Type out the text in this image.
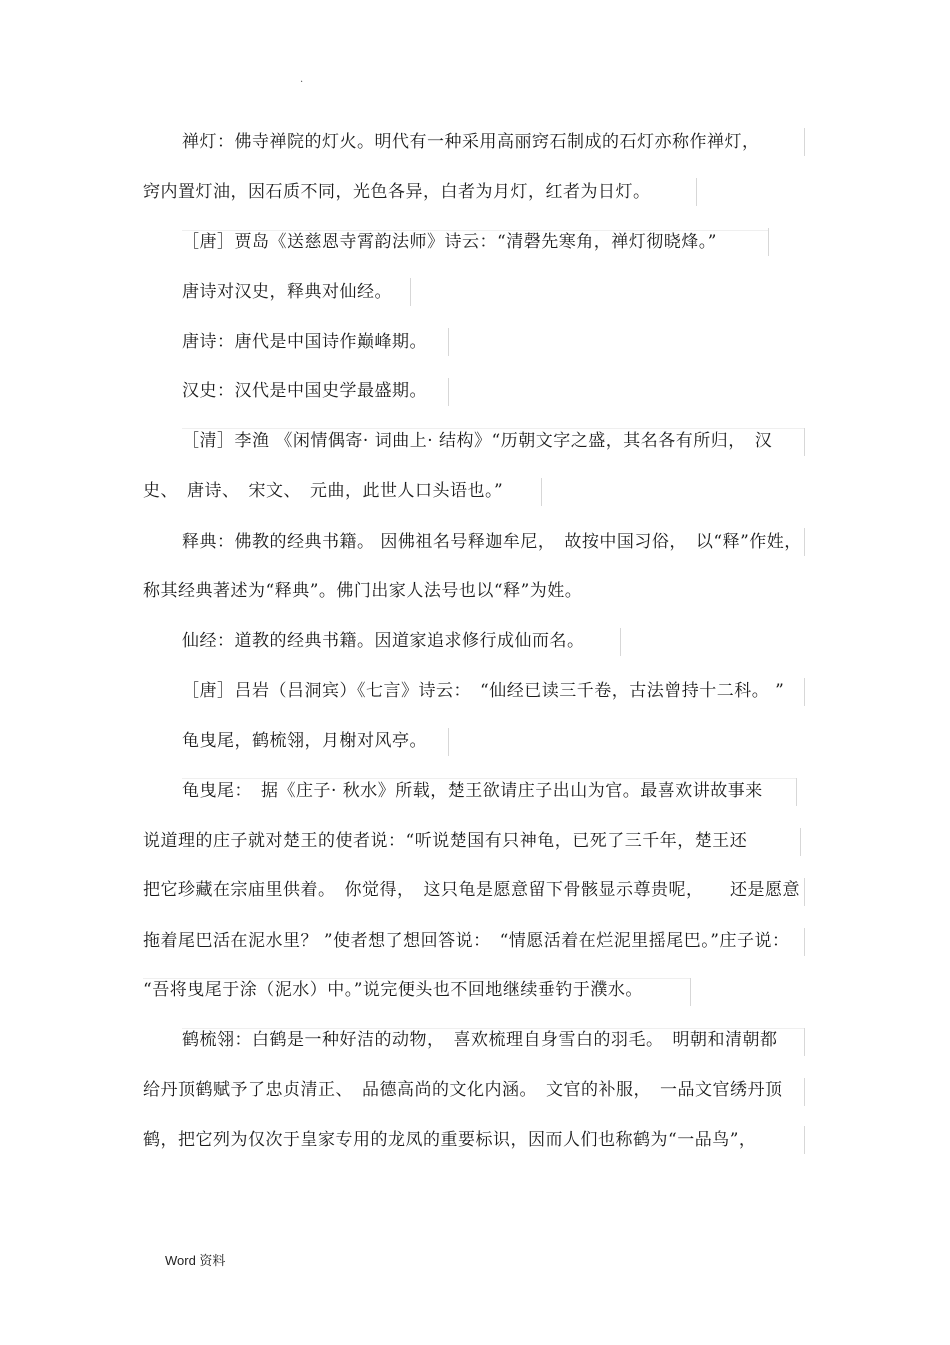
.
禅灯：佛寺禅院的灯火。明代有一种采用高丽窍石制成的石灯亦称作禅灯，
窍内置灯油，因石质不同，光色各异，白者为月灯，红者为日灯。
［唐］贾岛《送慈恩寺霄韵法师》诗云：“清磬先寒角，禅灯彻晓烽。”
唐诗对汉史，释典对仙经。
唐诗：唐代是中国诗作巅峰期。
汉史：汉代是中国史学最盛期。
［清］李渔 《闲情偶寄· 词曲上· 结构》“历朝文字之盛，其名各有所归，　汉
史、　唐诗、　宋文、　元曲，此世人口头语也。”
释典：佛教的经典书籍。 因佛祖名号释迦牟尼，　故按中国习俗，　以“释”作姓，
称其经典著述为“释典”。佛门出家人法号也以“释”为姓。
仙经：道教的经典书籍。因道家追求修行成仙而名。
［唐］吕岩（吕洞宾）《七言》诗云：　“仙经已读三千卷，古法曾持十二科。 ”
龟曳尾，鹤梳翎，月榭对风亭。
龟曳尾：　据《庄子· 秋水》所载，楚王欲请庄子出山为官。最喜欢讲故事来
说道理的庄子就对楚王的使者说：“听说楚国有只神龟，已死了三千年，楚王还
把它珍藏在宗庙里供着。　你觉得，　这只龟是愿意留下骨骸显示尊贵呢，　　还是愿意
拖着尾巴活在泥水里？ ”使者想了想回答说：　“情愿活着在烂泥里摇尾巴。”庄子说：
“吾将曳尾于涂（泥水）中。”说完便头也不回地继续垂钓于濮水。
鹤梳翎：白鹤是一种好洁的动物，　喜欢梳理自身雪白的羽毛。　明朝和清朝都
给丹顶鹤赋予了忠贞清正、　品德高尚的文化内涵。　文官的补服，　一品文官绣丹顶
鹤，把它列为仅次于皇家专用的龙凤的重要标识，因而人们也称鹤为“一品鸟”，
Word 资料
